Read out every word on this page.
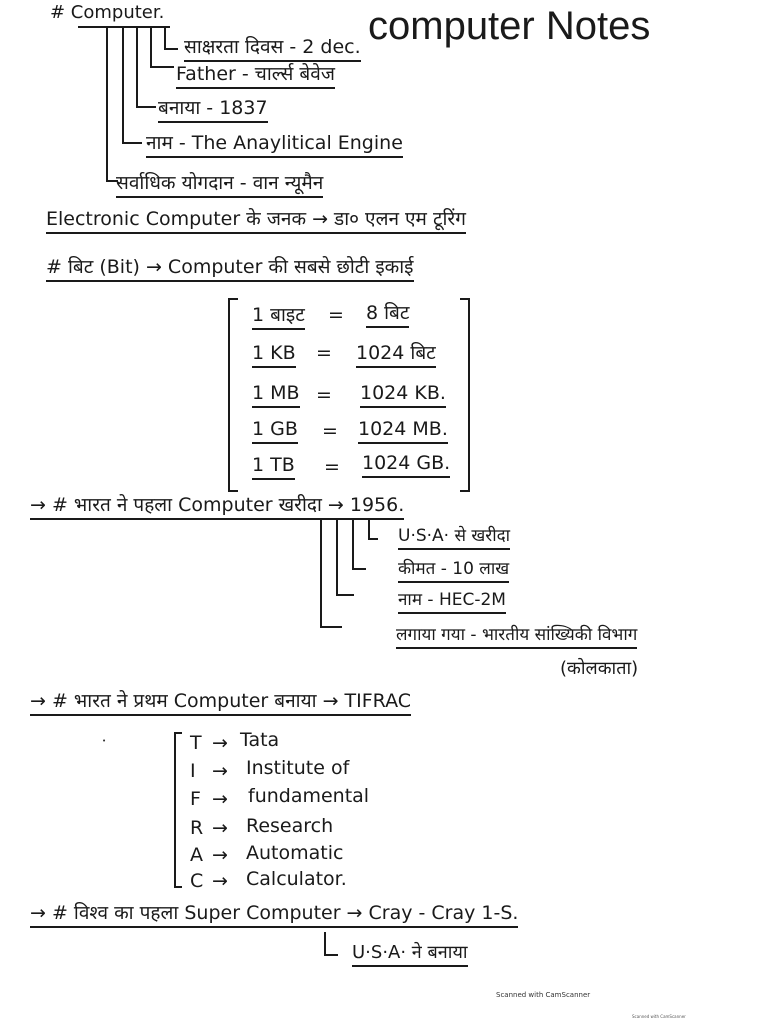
# Computer.	computer Notes
साक्षरता दिवस - 2 dec.
Father - चार्ल्स बेवेज
बनाया - 1837
नाम - The Anaylitical Engine
सर्वाधिक योगदान - वान न्यूमैन
Electronic Computer के जनक → डा० एलन एम टूरिंग
# बिट (Bit) → Computer की सबसे छोटी इकाई
1 बाइट = 8 बिट
1 KB = 1024 बिट
1 MB = 1024 KB.
1 GB = 1024 MB.
1 TB = 1024 GB.
→ # भारत ने पहला Computer खरीदा → 1956.
U·S·A· से खरीदा
कीमत - 10 लाख
नाम - HEC-2M
लगाया गया - भारतीय सांख्यिकी विभाग
(कोलकाता)
→ # भारत ने प्रथम Computer बनाया → TIFRAC
•	T → Tata
I → Institute of
F → fundamental
R → Research
A → Automatic
C → Calculator.
→ # विश्व का पहला Super Computer → Cray - Cray 1-S.
U·S·A· ने बनाया
Scanned with CamScanner
Scanned with CamScanner
